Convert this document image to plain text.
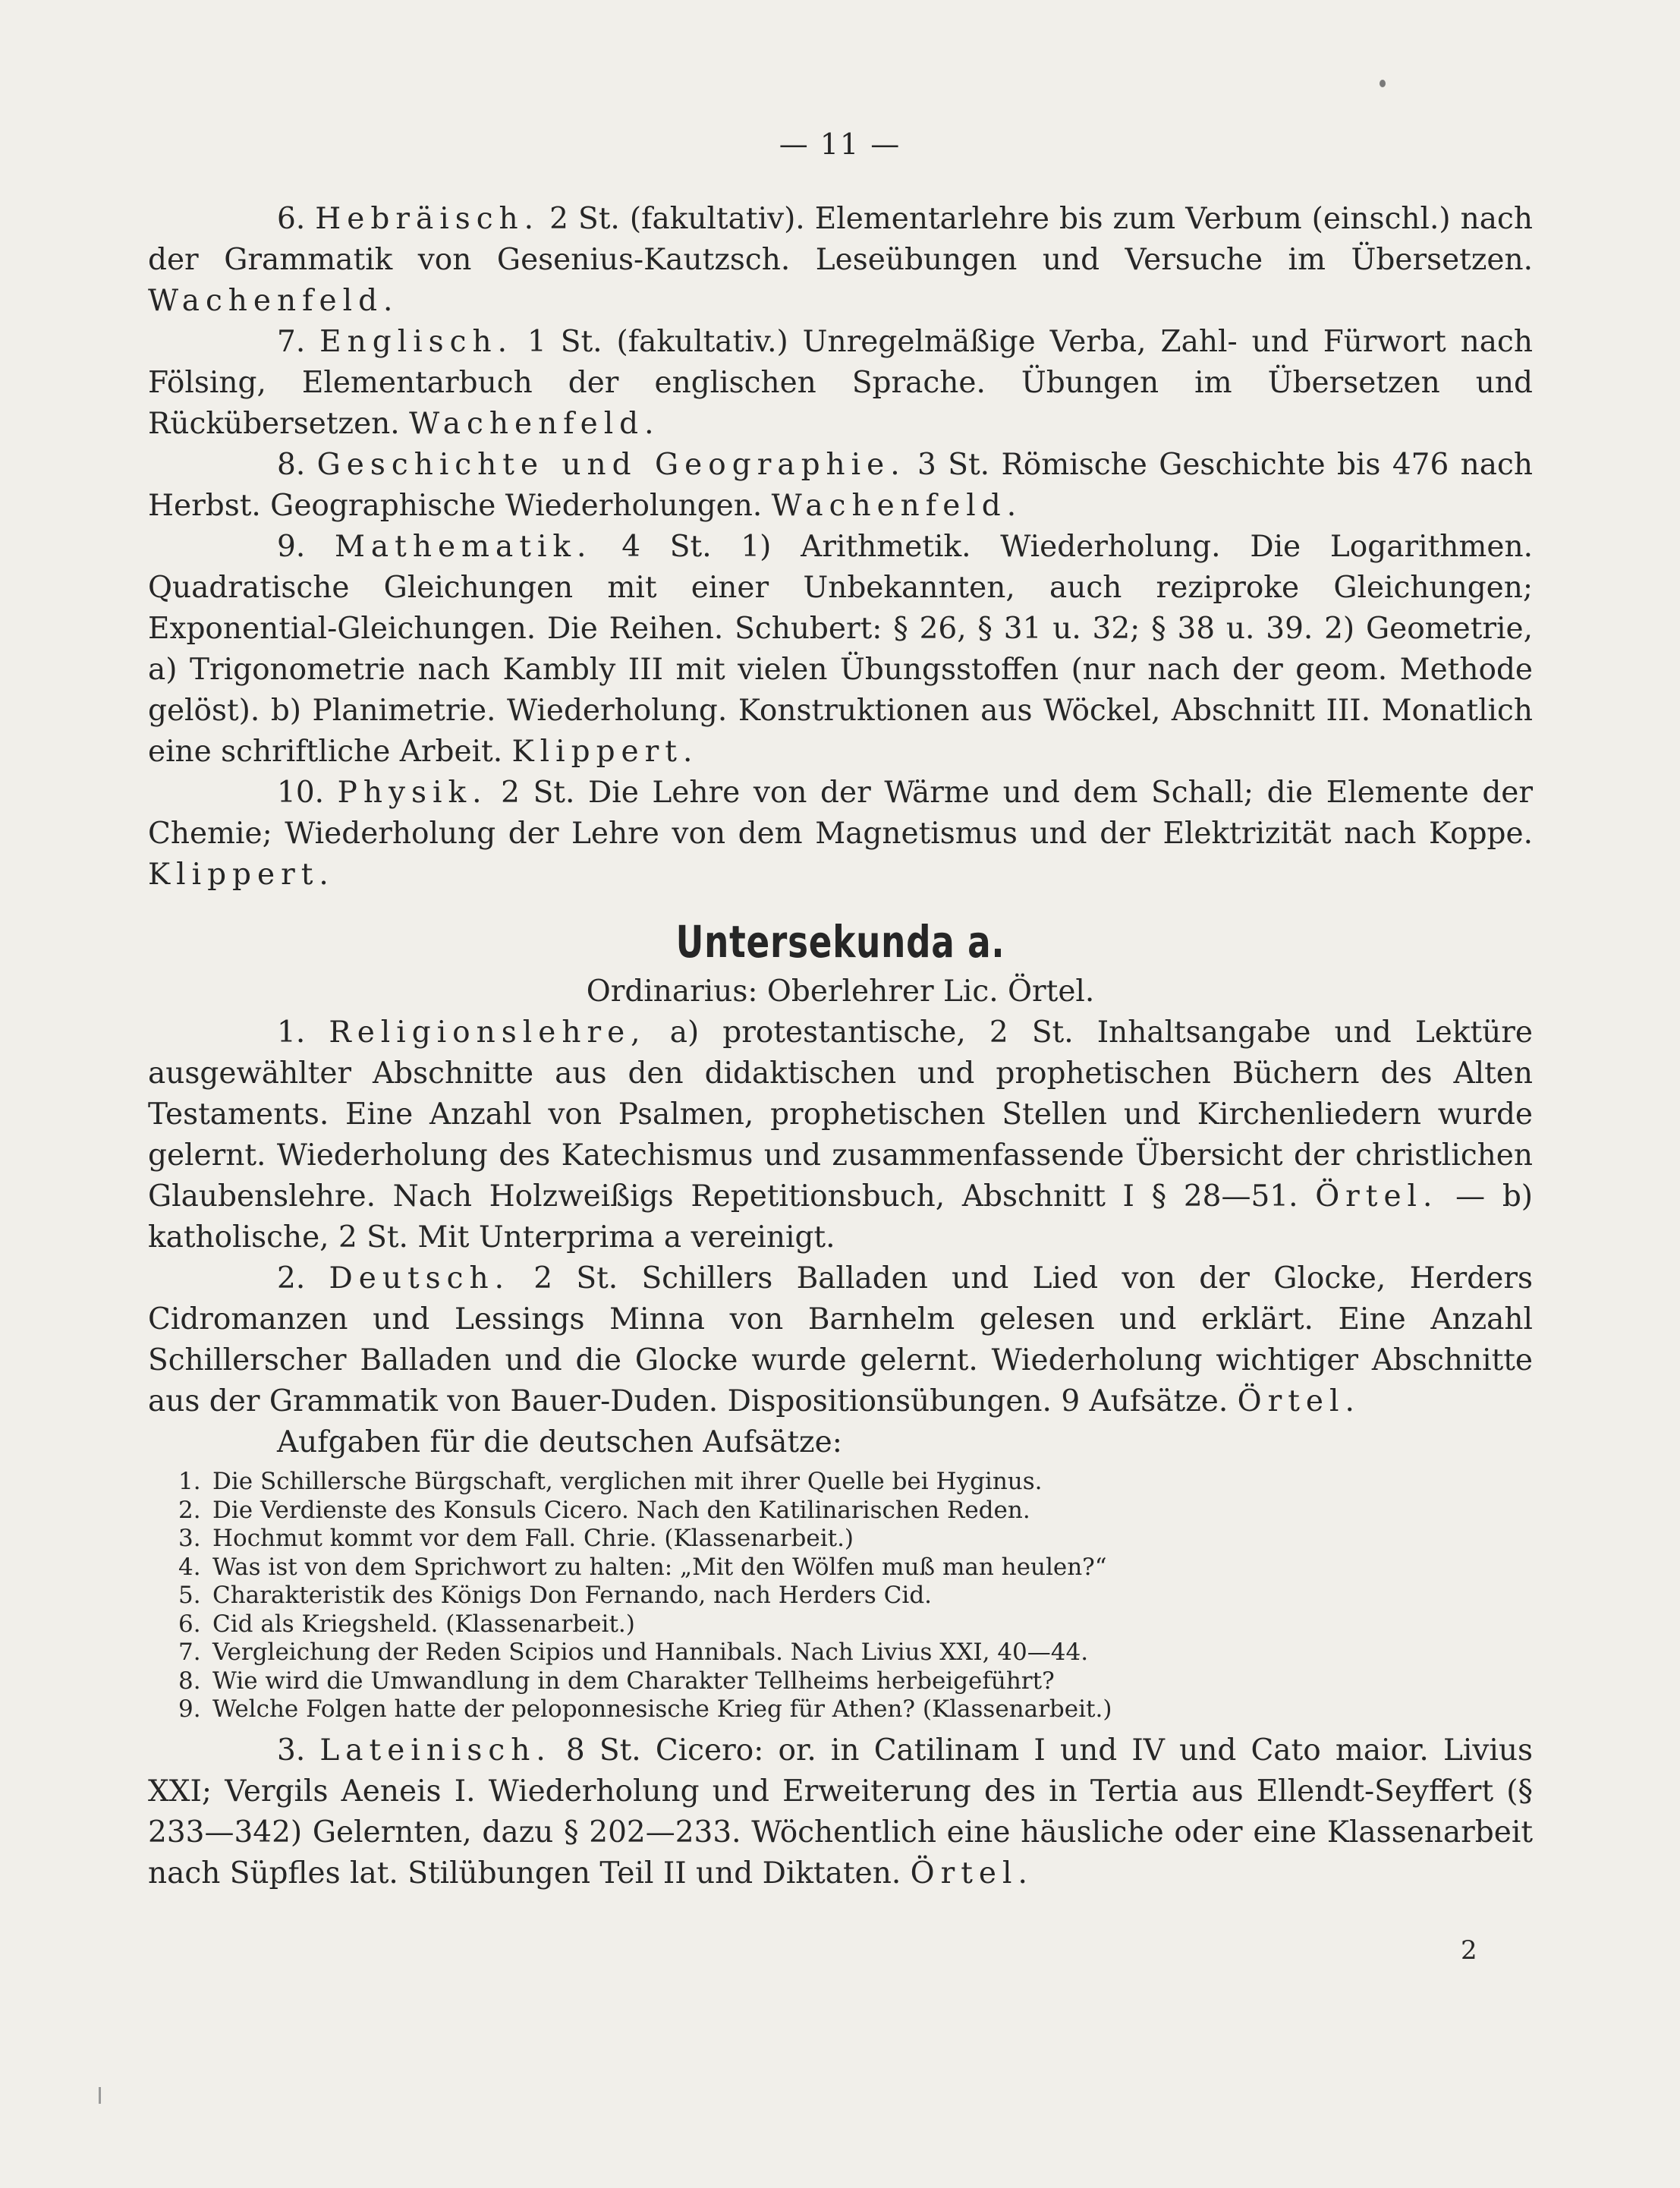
— 11 —

6. Hebräisch. 2 St. (fakultativ). Elementarlehre bis zum Verbum (einschl.) nach der Grammatik von Gesenius-Kautzsch. Leseübungen und Versuche im Übersetzen. Wachenfeld.

7. Englisch. 1 St. (fakultativ.) Unregelmäßige Verba, Zahl- und Fürwort nach Fölsing, Elementarbuch der englischen Sprache. Übungen im Übersetzen und Rückübersetzen. Wachenfeld.

8. Geschichte und Geographie. 3 St. Römische Geschichte bis 476 nach Herbst. Geographische Wiederholungen. Wachenfeld.

9. Mathematik. 4 St. 1) Arithmetik. Wiederholung. Die Logarithmen. Quadratische Gleichungen mit einer Unbekannten, auch reziproke Gleichungen; Exponential-Gleichungen. Die Reihen. Schubert: § 26, § 31 u. 32; § 38 u. 39. 2) Geometrie, a) Trigonometrie nach Kambly III mit vielen Übungsstoffen (nur nach der geom. Methode gelöst). b) Planimetrie. Wiederholung. Konstruktionen aus Wöckel, Abschnitt III. Monatlich eine schriftliche Arbeit. Klippert.

10. Physik. 2 St. Die Lehre von der Wärme und dem Schall; die Elemente der Chemie; Wiederholung der Lehre von dem Magnetismus und der Elektrizität nach Koppe. Klippert.

Untersekunda a.

Ordinarius: Oberlehrer Lic. Örtel.

1. Religionslehre, a) protestantische, 2 St. Inhaltsangabe und Lektüre ausgewählter Abschnitte aus den didaktischen und prophetischen Büchern des Alten Testaments. Eine Anzahl von Psalmen, prophetischen Stellen und Kirchenliedern wurde gelernt. Wiederholung des Katechismus und zusammenfassende Übersicht der christlichen Glaubenslehre. Nach Holzweißigs Repetitionsbuch, Abschnitt I § 28—51. Örtel. — b) katholische, 2 St. Mit Unterprima a vereinigt.

2. Deutsch. 2 St. Schillers Balladen und Lied von der Glocke, Herders Cidromanzen und Lessings Minna von Barnhelm gelesen und erklärt. Eine Anzahl Schillerscher Balladen und die Glocke wurde gelernt. Wiederholung wichtiger Abschnitte aus der Grammatik von Bauer-Duden. Dispositionsübungen. 9 Aufsätze. Örtel.

Aufgaben für die deutschen Aufsätze:

1. Die Schillersche Bürgschaft, verglichen mit ihrer Quelle bei Hyginus.
2. Die Verdienste des Konsuls Cicero. Nach den Katilinarischen Reden.
3. Hochmut kommt vor dem Fall. Chrie. (Klassenarbeit.)
4. Was ist von dem Sprichwort zu halten: „Mit den Wölfen muß man heulen?“
5. Charakteristik des Königs Don Fernando, nach Herders Cid.
6. Cid als Kriegsheld. (Klassenarbeit.)
7. Vergleichung der Reden Scipios und Hannibals. Nach Livius XXI, 40—44.
8. Wie wird die Umwandlung in dem Charakter Tellheims herbeigeführt?
9. Welche Folgen hatte der peloponnesische Krieg für Athen? (Klassenarbeit.)

3. Lateinisch. 8 St. Cicero: or. in Catilinam I und IV und Cato maior. Livius XXI; Vergils Aeneis I. Wiederholung und Erweiterung des in Tertia aus Ellendt-Seyffert (§ 233—342) Gelernten, dazu § 202—233. Wöchentlich eine häusliche oder eine Klassenarbeit nach Süpfles lat. Stilübungen Teil II und Diktaten. Örtel.

2
